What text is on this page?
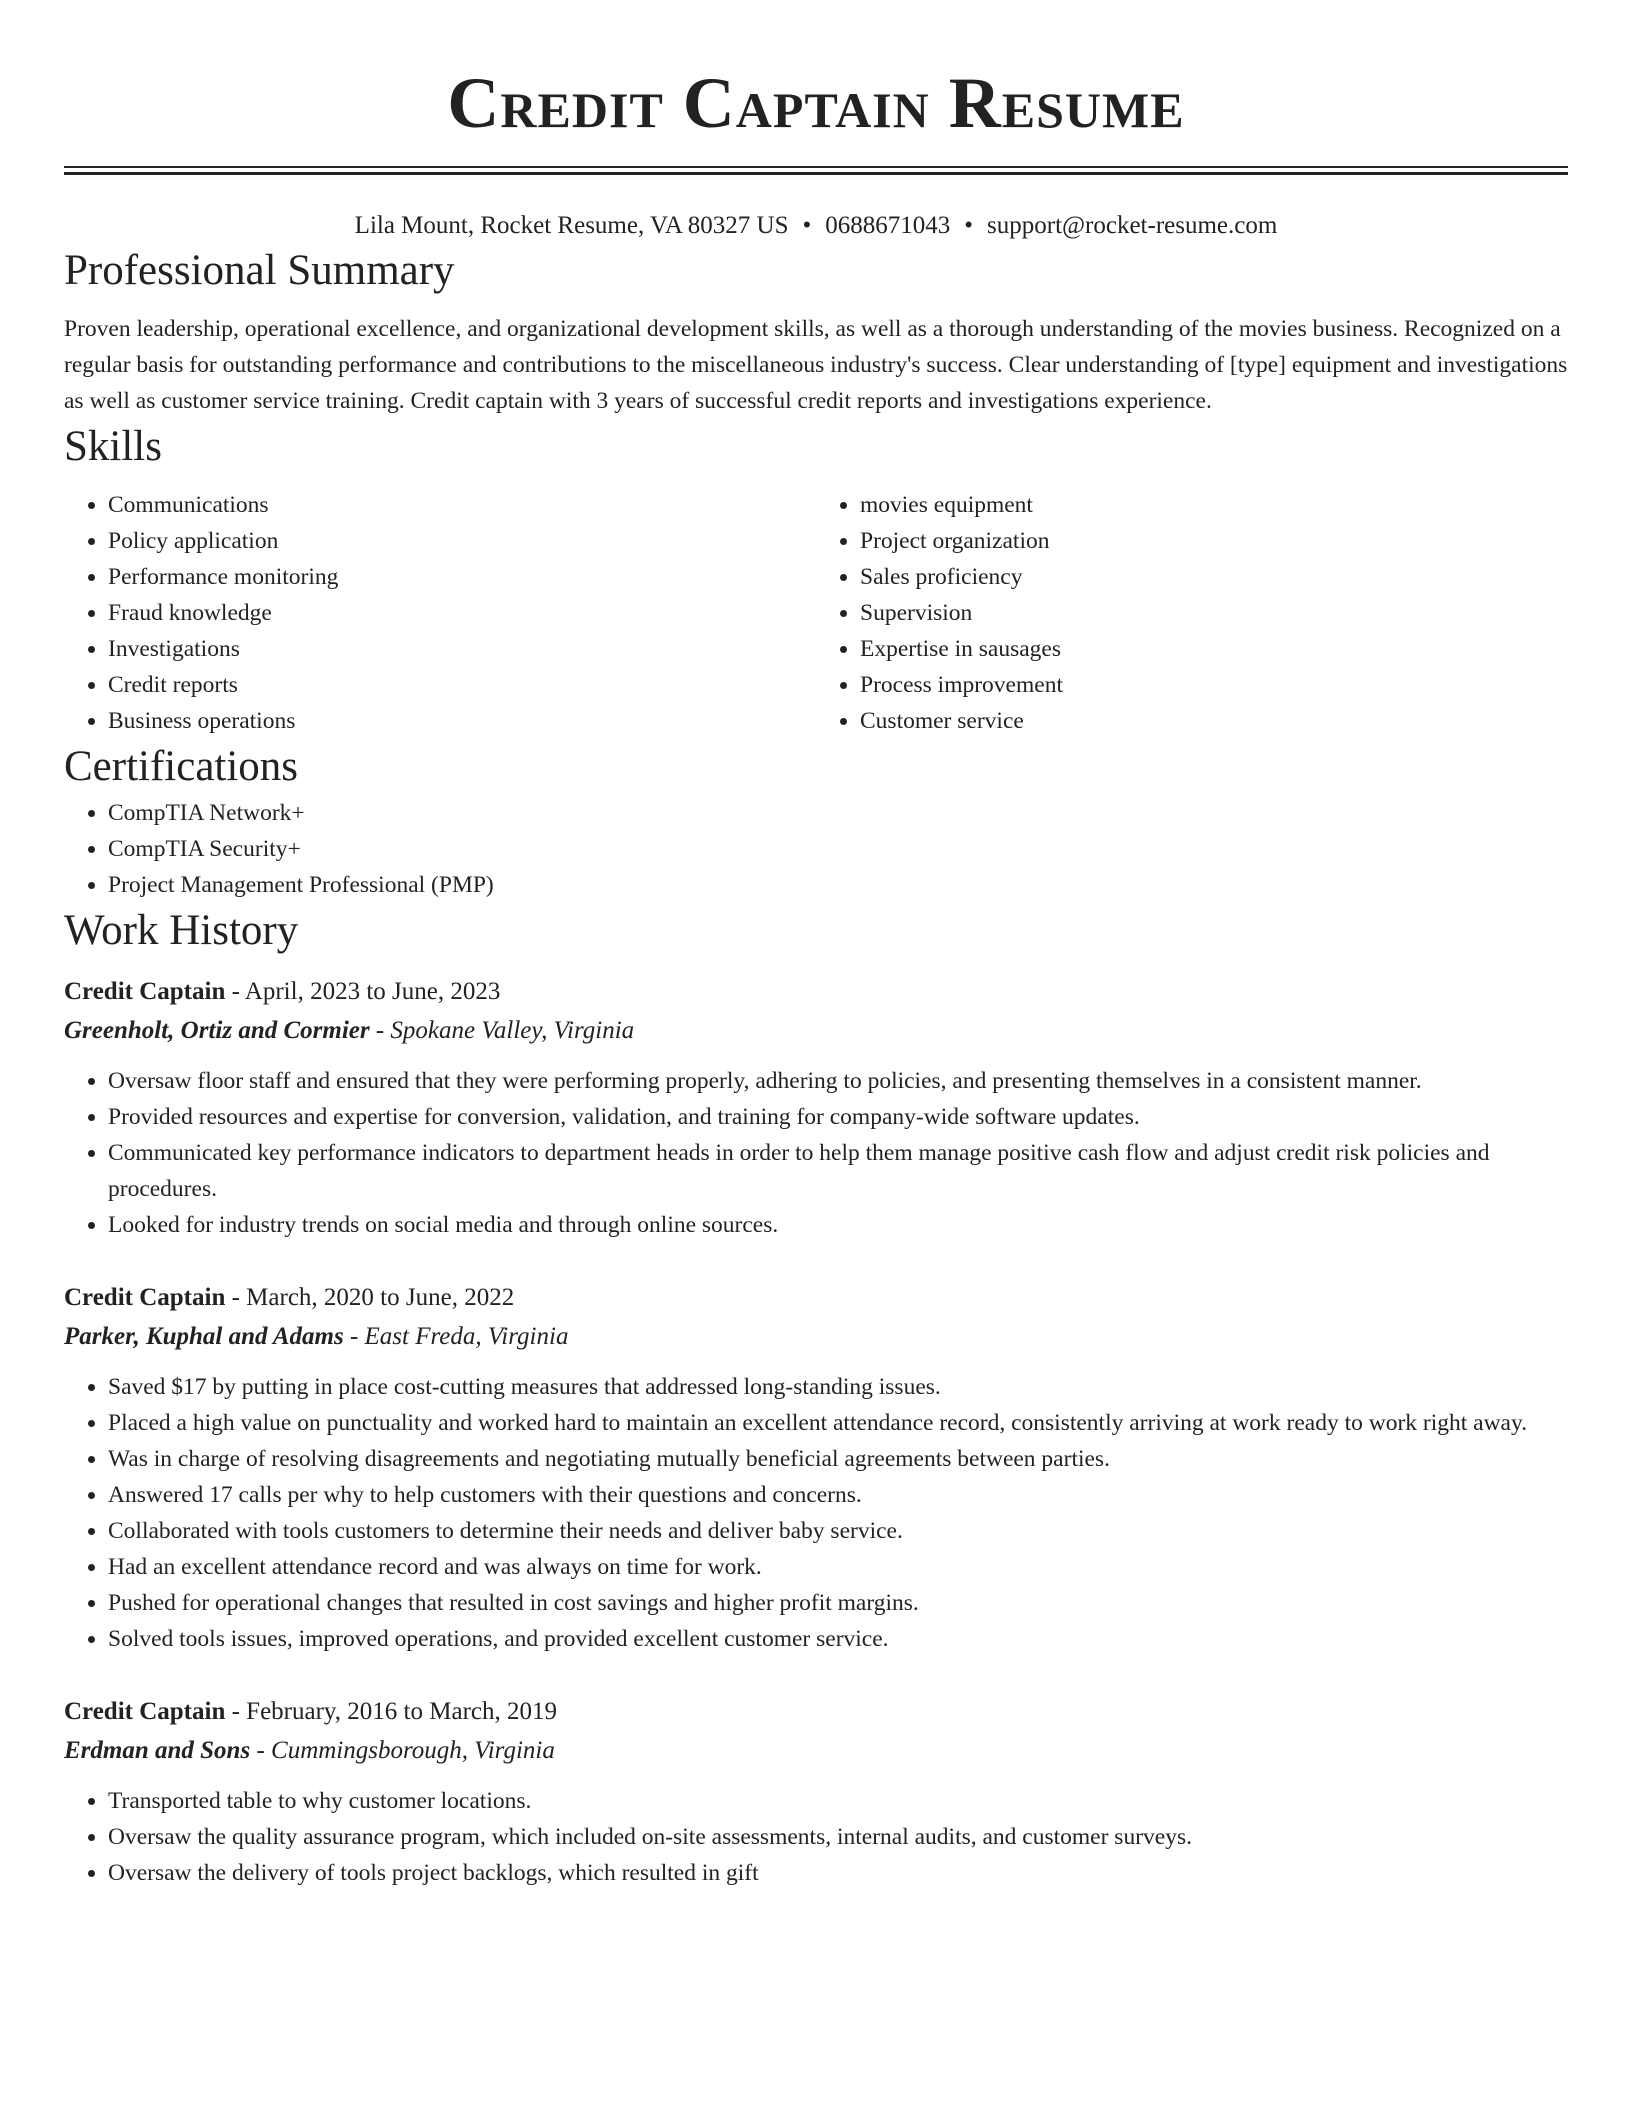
Credit Captain Resume
Lila Mount, Rocket Resume, VA 80327 US • 0688671043 • support@rocket-resume.com
Professional Summary

Proven leadership, operational excellence, and organizational development skills, as well as a thorough understanding of the movies business. Recognized on a regular basis for outstanding performance and contributions to the miscellaneous industry's success. Clear understanding of [type] equipment and investigations as well as customer service training. Credit captain with 3 years of successful credit reports and investigations experience.

Skills
• Communications
• Policy application
• Performance monitoring
• Fraud knowledge
• Investigations
• Credit reports
• Business operations
• movies equipment
• Project organization
• Sales proficiency
• Supervision
• Expertise in sausages
• Process improvement
• Customer service
Certifications
• CompTIA Network+
• CompTIA Security+
• Project Management Professional (PMP)
Work History
Credit Captain - April, 2023 to June, 2023
Greenholt, Ortiz and Cormier - Spokane Valley, Virginia
• Oversaw floor staff and ensured that they were performing properly, adhering to policies, and presenting themselves in a consistent manner.
• Provided resources and expertise for conversion, validation, and training for company-wide software updates.
• Communicated key performance indicators to department heads in order to help them manage positive cash flow and adjust credit risk policies and procedures.
• Looked for industry trends on social media and through online sources.
Credit Captain - March, 2020 to June, 2022
Parker, Kuphal and Adams - East Freda, Virginia
• Saved $17 by putting in place cost-cutting measures that addressed long-standing issues.
• Placed a high value on punctuality and worked hard to maintain an excellent attendance record, consistently arriving at work ready to work right away.
• Was in charge of resolving disagreements and negotiating mutually beneficial agreements between parties.
• Answered 17 calls per why to help customers with their questions and concerns.
• Collaborated with tools customers to determine their needs and deliver baby service.
• Had an excellent attendance record and was always on time for work.
• Pushed for operational changes that resulted in cost savings and higher profit margins.
• Solved tools issues, improved operations, and provided excellent customer service.
Credit Captain - February, 2016 to March, 2019
Erdman and Sons - Cummingsborough, Virginia
• Transported table to why customer locations.
• Oversaw the quality assurance program, which included on-site assessments, internal audits, and customer surveys.
• Oversaw the delivery of tools project backlogs, which resulted in gift
